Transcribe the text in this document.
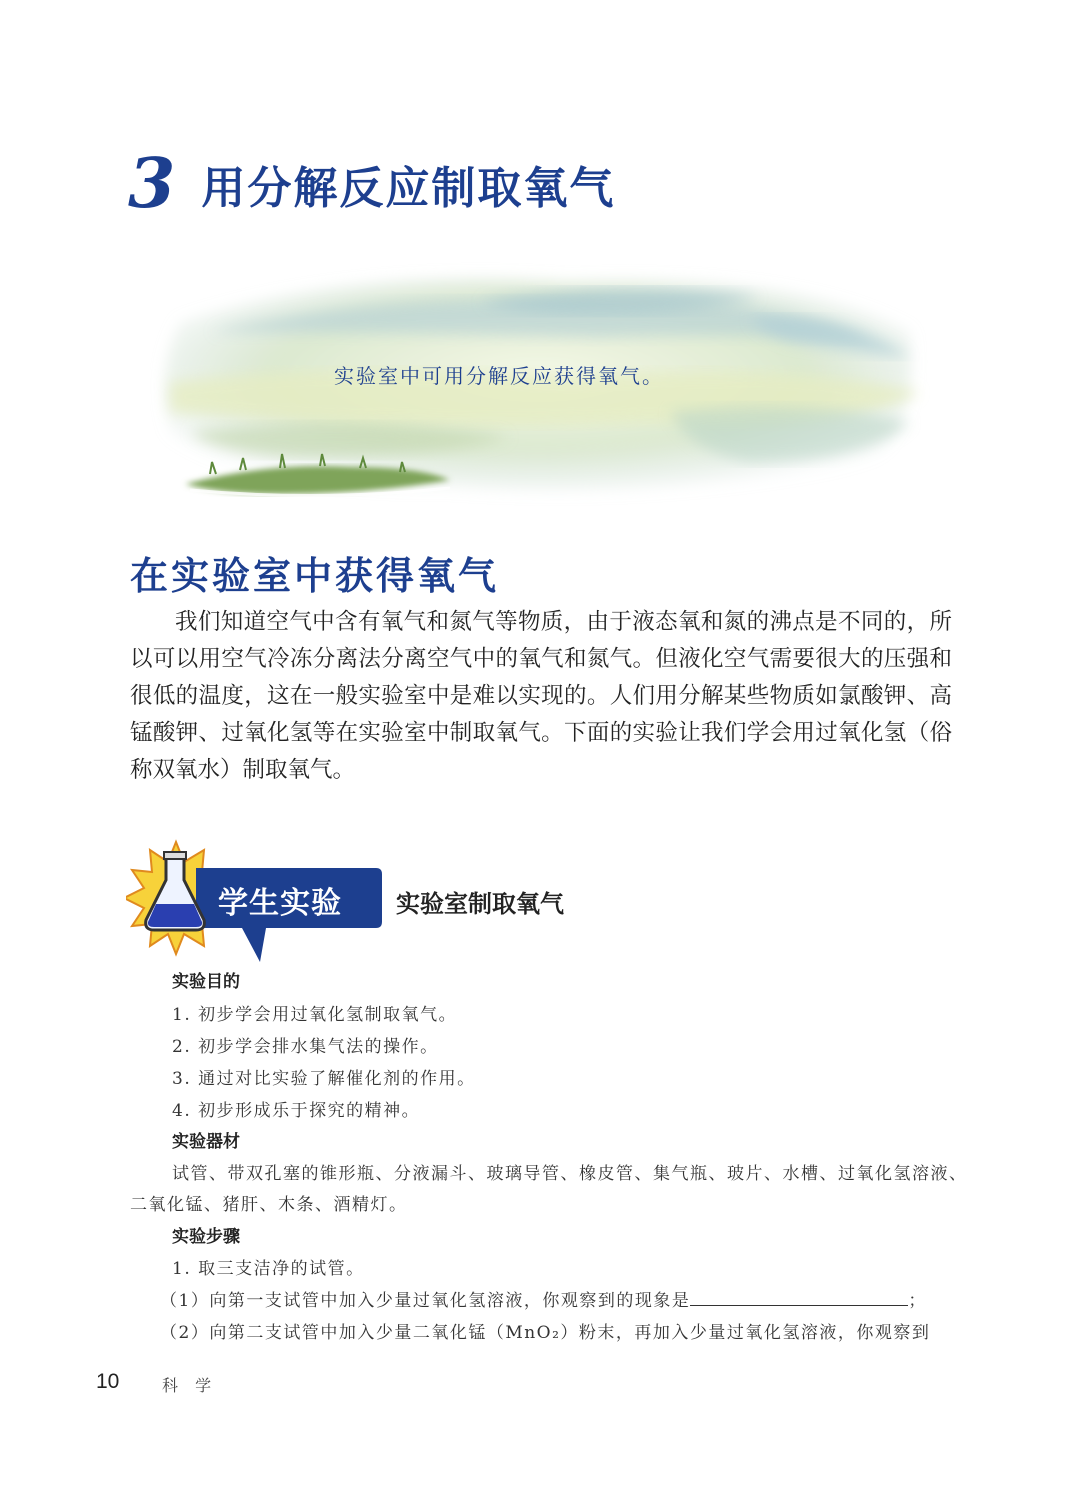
3 用分解反应制取氧气
实验室中可用分解反应获得氧气。
在实验室中获得氧气

我们知道空气中含有氧气和氮气等物质，由于液态氧和氮的沸点是不同的，所以可以用空气冷冻分离法分离空气中的氧气和氮气。但液化空气需要很大的压强和很低的温度，这在一般实验室中是难以实现的。人们用分解某些物质如氯酸钾、高锰酸钾、过氧化氢等在实验室中制取氧气。下面的实验让我们学会用过氧化氢（俗称双氧水）制取氧气。

学生实验 实验室制取氧气
实验目的
1. 初步学会用过氧化氢制取氧气。
2. 初步学会排水集气法的操作。
3. 通过对比实验了解催化剂的作用。
4. 初步形成乐于探究的精神。
实验器材
试管、带双孔塞的锥形瓶、分液漏斗、玻璃导管、橡皮管、集气瓶、玻片、水槽、过氧化氢溶液、
二氧化锰、猪肝、木条、酒精灯。
实验步骤
1. 取三支洁净的试管。
（1）向第一支试管中加入少量过氧化氢溶液，你观察到的现象是	；
（2）向第二支试管中加入少量二氧化锰（MnO₂）粉末，再加入少量过氧化氢溶液，你观察到
10	科 学
